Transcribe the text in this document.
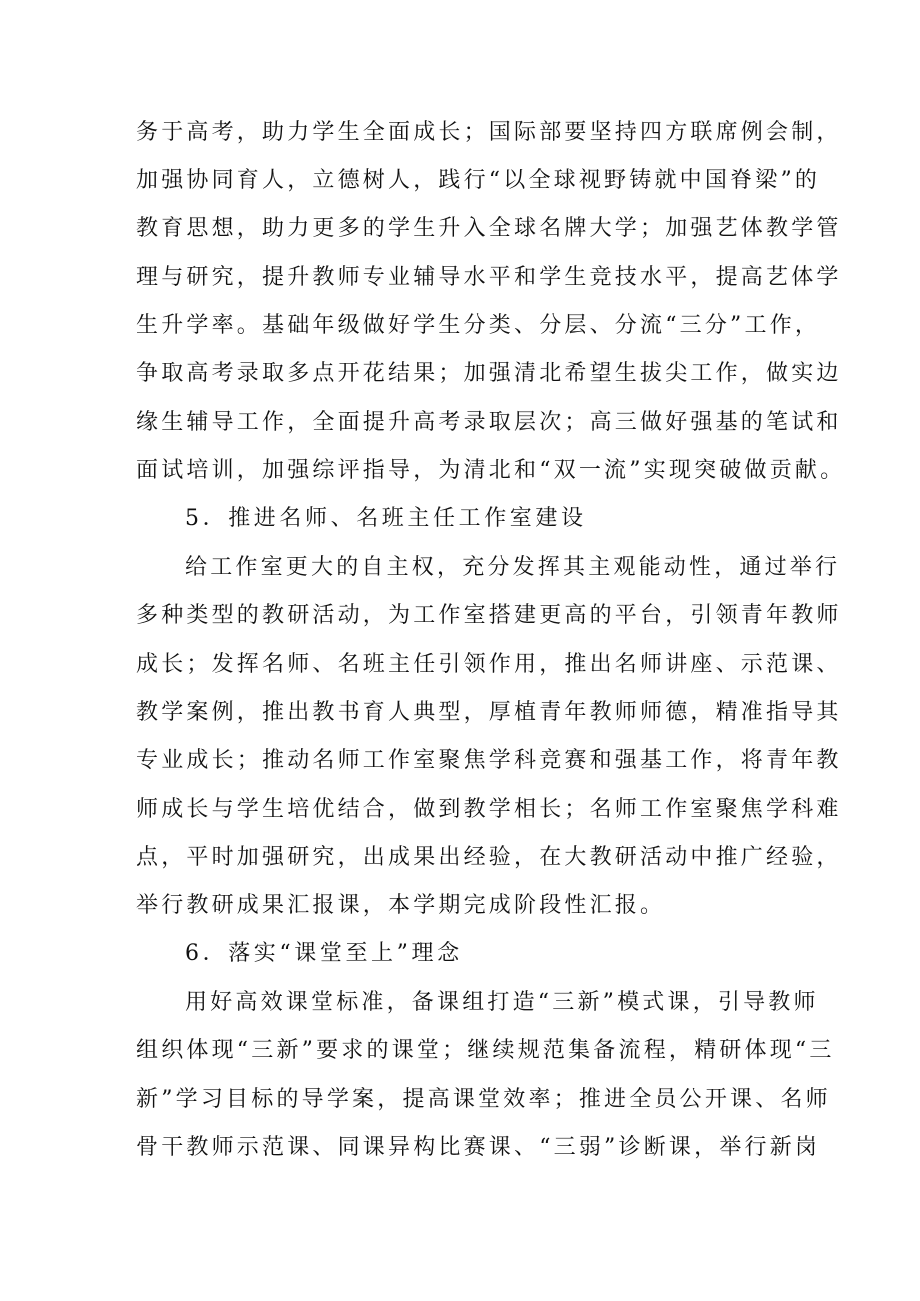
务于高考，助力学生全面成长；国际部要坚持四方联席例会制，
加强协同育人，立德树人，践行“以全球视野铸就中国脊梁”的
教育思想，助力更多的学生升入全球名牌大学；加强艺体教学管
理与研究，提升教师专业辅导水平和学生竞技水平，提高艺体学
生升学率。基础年级做好学生分类、分层、分流“三分”工作，
争取高考录取多点开花结果；加强清北希望生拔尖工作，做实边
缘生辅导工作，全面提升高考录取层次；高三做好强基的笔试和
面试培训，加强综评指导，为清北和“双一流”实现突破做贡献。
5．推进名师、名班主任工作室建设
给工作室更大的自主权，充分发挥其主观能动性，通过举行
多种类型的教研活动，为工作室搭建更高的平台，引领青年教师
成长；发挥名师、名班主任引领作用，推出名师讲座、示范课、
教学案例，推出教书育人典型，厚植青年教师师德，精准指导其
专业成长；推动名师工作室聚焦学科竞赛和强基工作，将青年教
师成长与学生培优结合，做到教学相长；名师工作室聚焦学科难
点，平时加强研究，出成果出经验，在大教研活动中推广经验，
举行教研成果汇报课，本学期完成阶段性汇报。
6．落实“课堂至上”理念
用好高效课堂标准，备课组打造“三新”模式课，引导教师
组织体现“三新”要求的课堂；继续规范集备流程，精研体现“三
新”学习目标的导学案，提高课堂效率；推进全员公开课、名师
骨干教师示范课、同课异构比赛课、“三弱”诊断课，举行新岗
